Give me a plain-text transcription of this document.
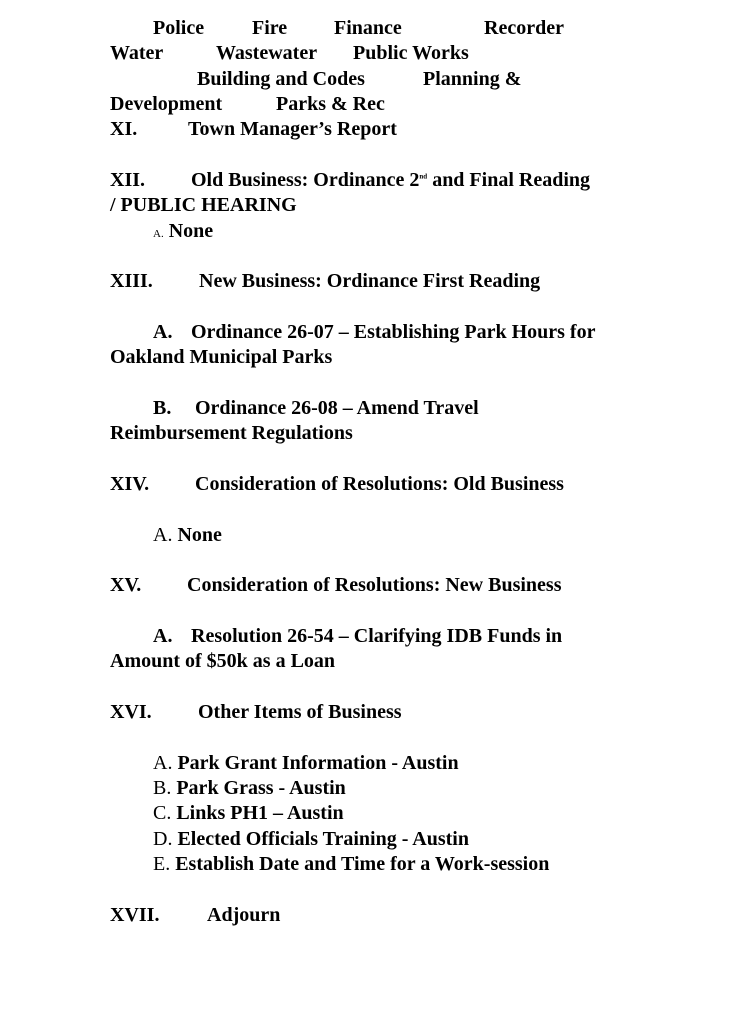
Police Fire Finance	Recorder
Water	Wastewater Public Works
Building and Codes	Planning &
Development	Parks & Rec
XI.	Town Manager’s Report
XII. Old Business: Ordinance 2nd and Final Reading
/ PUBLIC HEARING
A. None
XIII. New Business: Ordinance First Reading
A. Ordinance 26-07 – Establishing Park Hours for
Oakland Municipal Parks
B. Ordinance 26-08 – Amend Travel
Reimbursement Regulations
XIV. Consideration of Resolutions: Old Business
A. None
XV. Consideration of Resolutions: New Business
A. Resolution 26-54 – Clarifying IDB Funds in
Amount of $50k as a Loan
XVI. Other Items of Business
A. Park Grant Information - Austin
B. Park Grass - Austin
C. Links PH1 – Austin
D. Elected Officials Training - Austin
E. Establish Date and Time for a Work-session
XVII. Adjourn
